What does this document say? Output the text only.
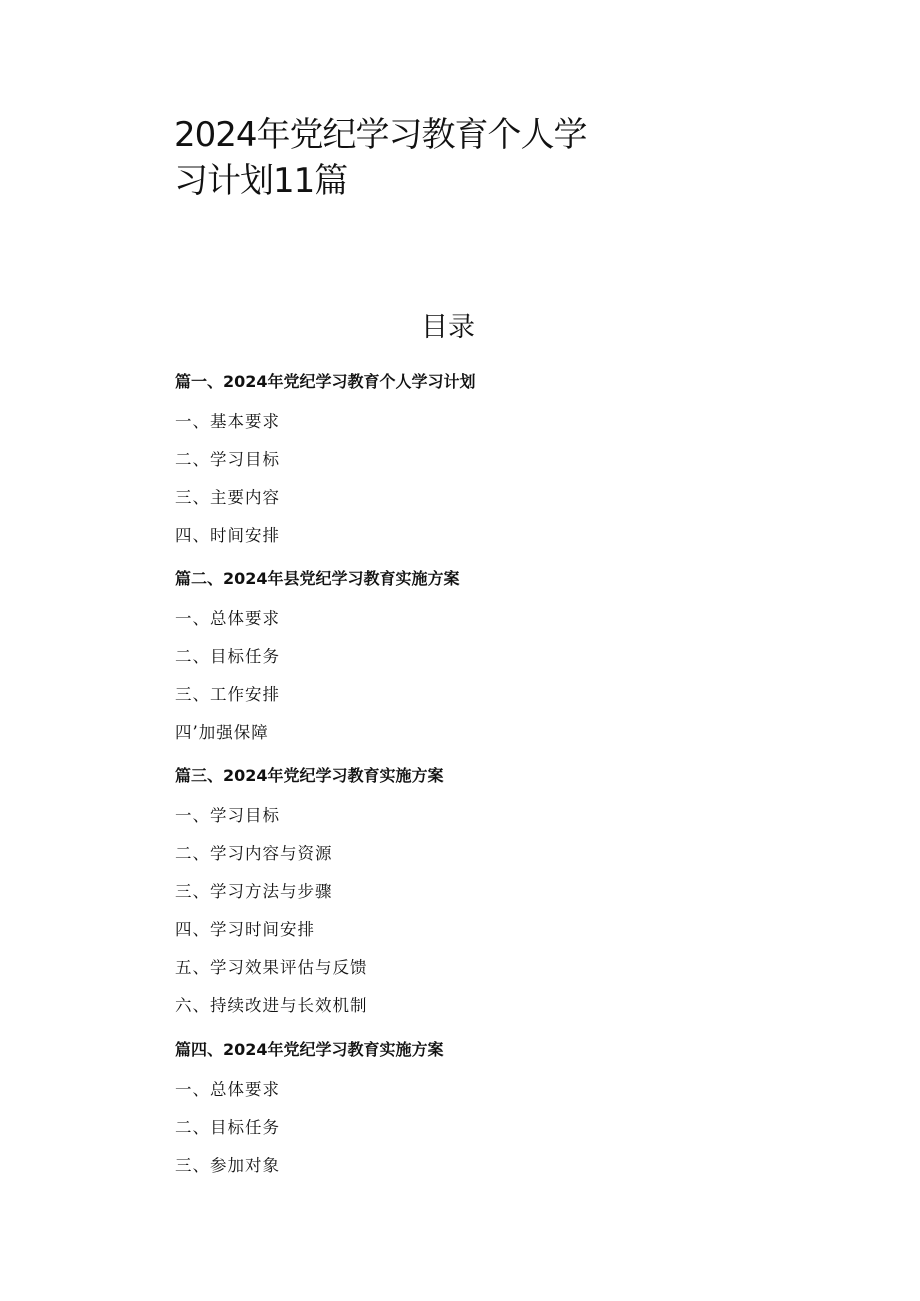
2024年党纪学习教育个人学习计划11篇
目录

篇一、2024年党纪学习教育个人学习计划

一、基本要求

二、学习目标

三、主要内容

四、时间安排

篇二、2024年县党纪学习教育实施方案

一、总体要求

二、目标任务

三、工作安排

四’加强保障

篇三、2024年党纪学习教育实施方案

一、学习目标

二、学习内容与资源

三、学习方法与步骤

四、学习时间安排

五、学习效果评估与反馈

六、持续改进与长效机制

篇四、2024年党纪学习教育实施方案

一、总体要求

二、目标任务

三、参加对象
